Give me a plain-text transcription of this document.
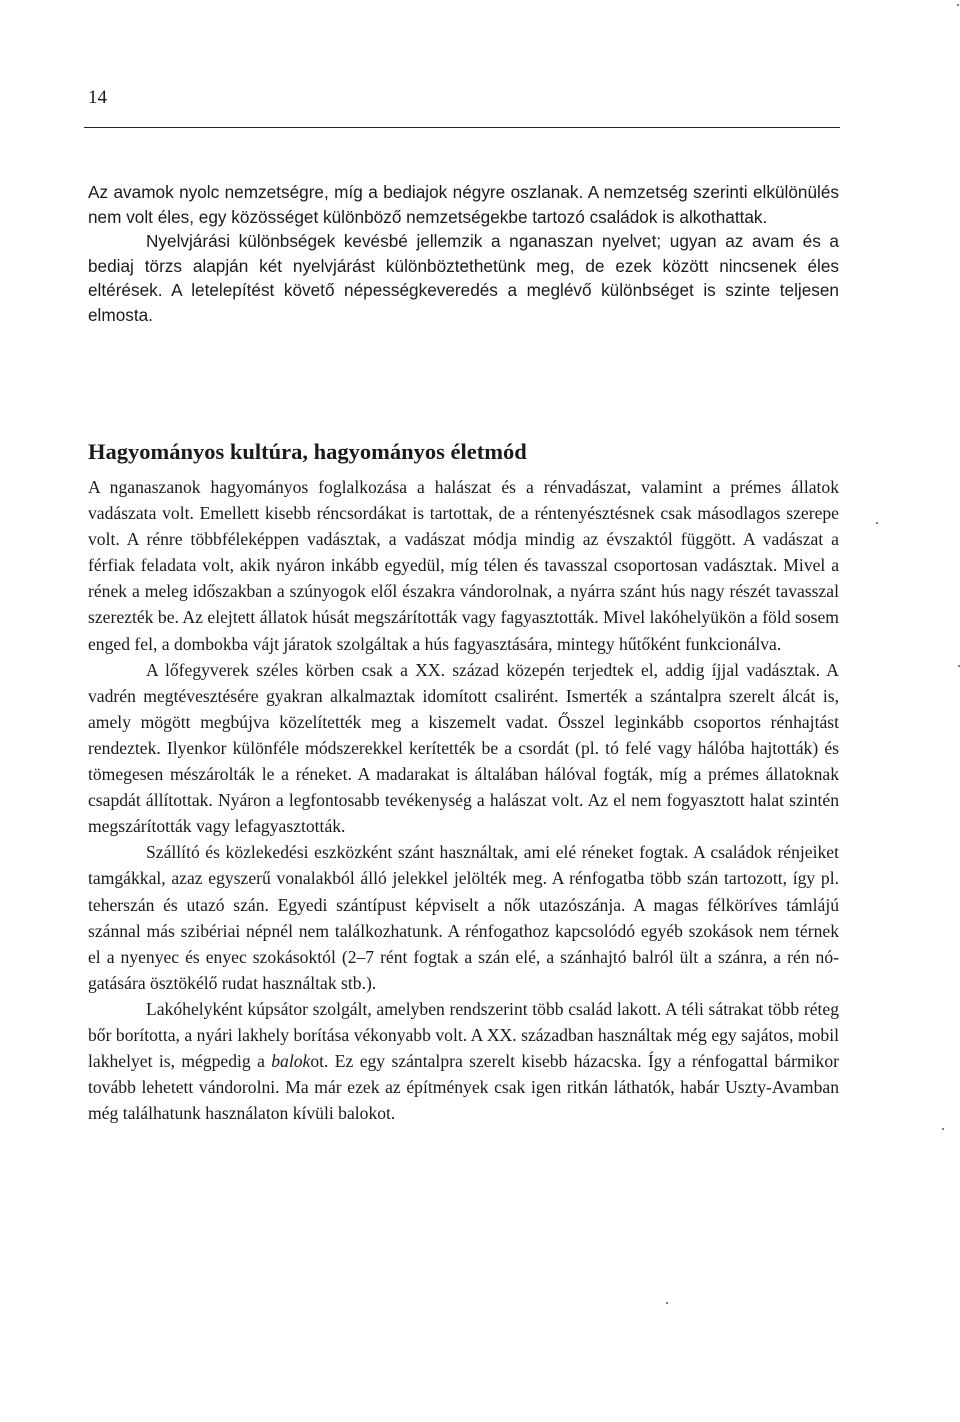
14

Az avamok nyolc nemzetségre, míg a bediajok négyre oszlanak. A nemzetség szerinti elkülönülés nem volt éles, egy közösséget különböző nemzetségekbe tartozó családok is alkothattak.

Nyelvjárási különbségek kevésbé jellemzik a nganaszan nyelvet; ugyan az avam és a bediaj törzs alapján két nyelvjárást különböztethetünk meg, de ezek között nincsenek éles eltérések. A letelepítést követő népességkeveredés a meglévő különbséget is szinte teljesen elmosta.

Hagyományos kultúra, hagyományos életmód

A nganaszanok hagyományos foglalkozása a halászat és a rénvadászat, valamint a prémes állatok vadászata volt. Emellett kisebb réncsordákat is tartottak, de a réntenyésztésnek csak másodlagos szerepe volt. A rénre többféleképpen vadásztak, a vadászat módja mindig az évszaktól függött. A vadászat a férfiak feladata volt, akik nyáron inkább egyedül, míg télen és tavasszal csoportosan vadásztak. Mivel a rének a meleg időszakban a szúnyogok elől északra vándorolnak, a nyárra szánt hús nagy részét tavasszal szerezték be. Az elejtett állatok húsát megszárították vagy fagyasztották. Mivel lakóhelyükön a föld sosem enged fel, a dombokba vájt járatok szolgáltak a hús fagyasztására, mintegy hűtőként funkcionálva.

A lőfegyverek széles körben csak a XX. század közepén terjedtek el, addig íjjal vadásztak. A vadrén megtévesztésére gyakran alkalmaztak idomított csalirént. Ismerték a szántalpra szerelt álcát is, amely mögött megbújva közelítették meg a kiszemelt vadat. Ősszel leginkább csoportos rénhajtást rendeztek. Ilyenkor különféle módszerekkel kerítették be a csordát (pl. tó felé vagy hálóba hajtották) és tömegesen mészárolták le a réneket. A madarakat is általában hálóval fogták, míg a prémes állatoknak csapdát állítottak. Nyáron a legfontosabb tevékenység a halászat volt. Az el nem fogyasztott halat szintén megszárították vagy lefagyasztották.

Szállító és közlekedési eszközként szánt használtak, ami elé réneket fogtak. A családok rénjeiket tamgákkal, azaz egyszerű vonalakból álló jelekkel jelölték meg. A rénfogatba több szán tartozott, így pl. teherszán és utazó szán. Egyedi szántípust képviselt a nők utazószánja. A magas félköríves támlájú szánnal más szibériai népnél nem találkozhatunk. A rénfogathoz kapcsolódó egyéb szokások nem térnek el a nyenyec és enyec szokásoktól (2–7 rént fogtak a szán elé, a szánhajtó balról ült a szánra, a rén nógatására ösztökélő rudat használtak stb.).

Lakóhelyként kúpsátor szolgált, amelyben rendszerint több család lakott. A téli sátrakat több réteg bőr borította, a nyári lakhely borítása vékonyabb volt. A XX. században használtak még egy sajátos, mobil lakhelyet is, mégpedig a balokot. Ez egy szántalpra szerelt kisebb házacska. Így a rénfogattal bármikor tovább lehetett vándorolni. Ma már ezek az építmények csak igen ritkán láthatók, habár Uszty-Avamban még találhatunk használaton kívüli balokot.
